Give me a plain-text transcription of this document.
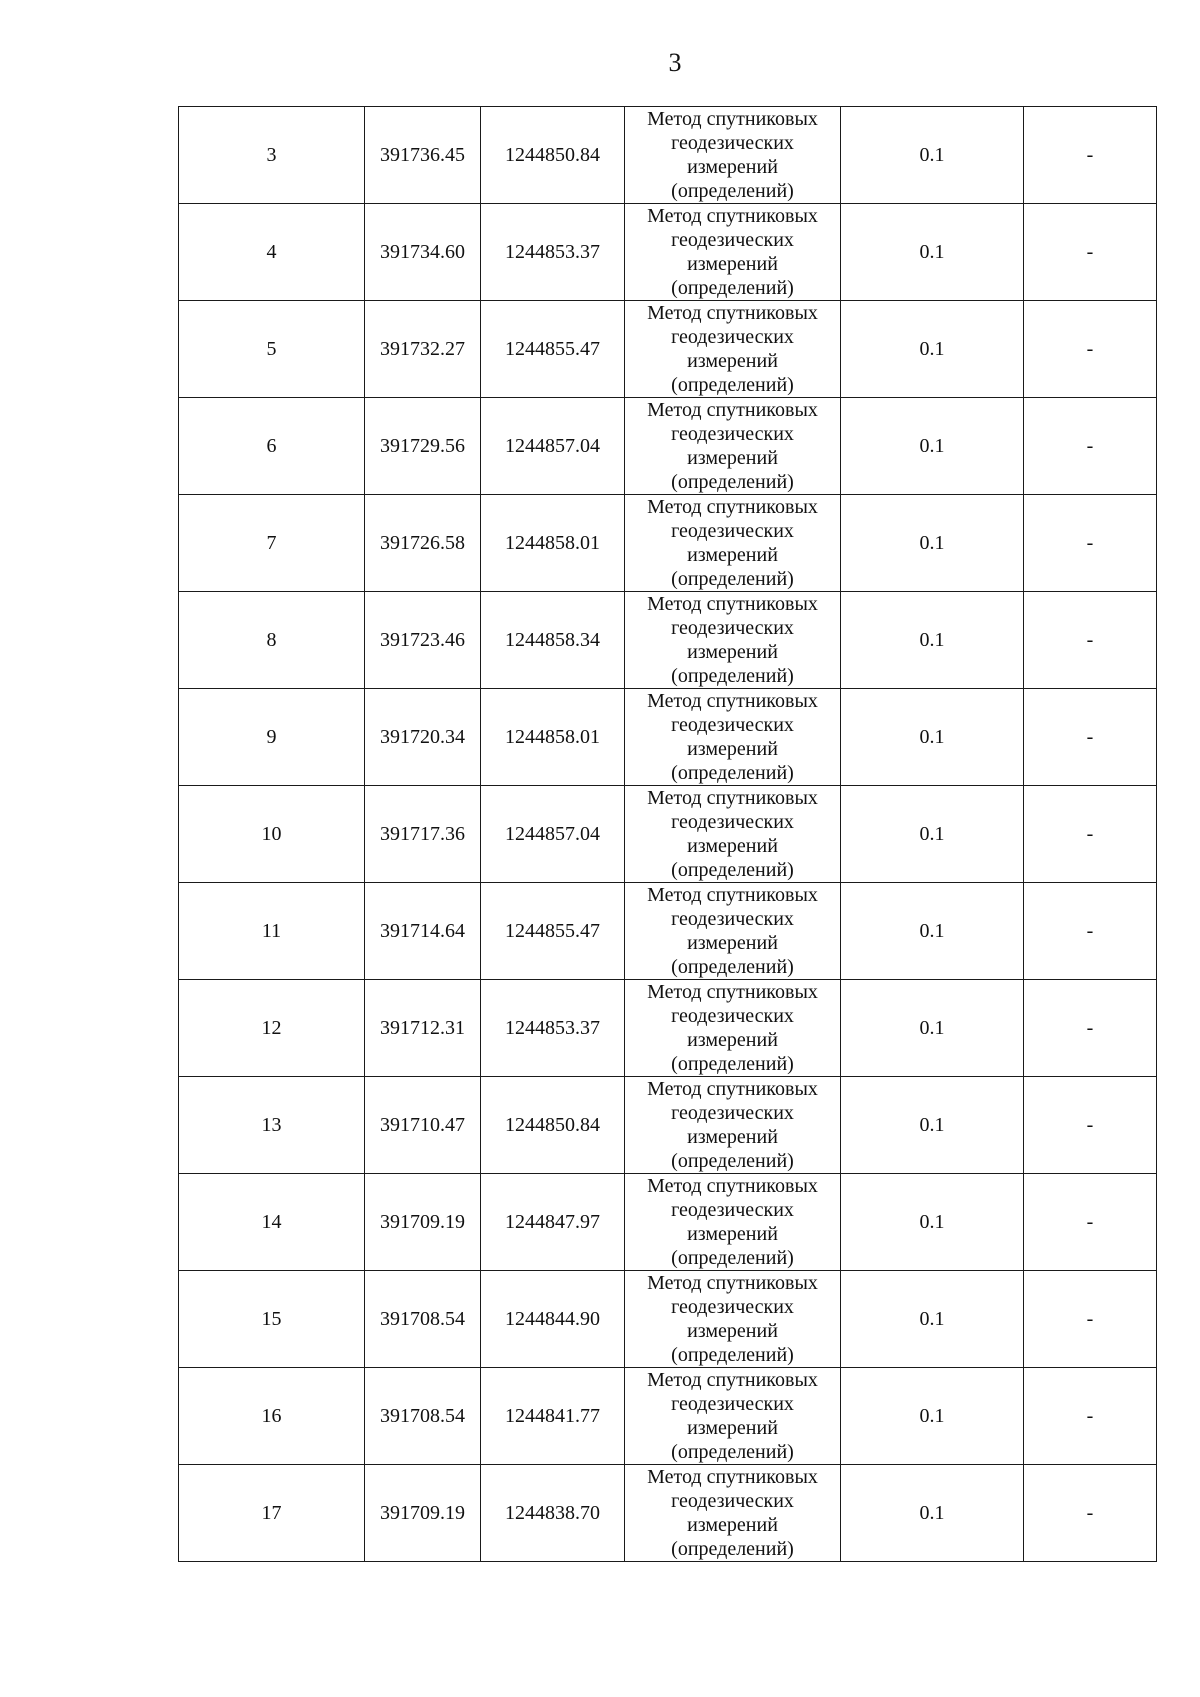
3
3	391736.45	1244850.84	Метод спутниковых геодезических измерений (определений)	0.1	-
4	391734.60	1244853.37	Метод спутниковых геодезических измерений (определений)	0.1	-
5	391732.27	1244855.47	Метод спутниковых геодезических измерений (определений)	0.1	-
6	391729.56	1244857.04	Метод спутниковых геодезических измерений (определений)	0.1	-
7	391726.58	1244858.01	Метод спутниковых геодезических измерений (определений)	0.1	-
8	391723.46	1244858.34	Метод спутниковых геодезических измерений (определений)	0.1	-
9	391720.34	1244858.01	Метод спутниковых геодезических измерений (определений)	0.1	-
10	391717.36	1244857.04	Метод спутниковых геодезических измерений (определений)	0.1	-
11	391714.64	1244855.47	Метод спутниковых геодезических измерений (определений)	0.1	-
12	391712.31	1244853.37	Метод спутниковых геодезических измерений (определений)	0.1	-
13	391710.47	1244850.84	Метод спутниковых геодезических измерений (определений)	0.1	-
14	391709.19	1244847.97	Метод спутниковых геодезических измерений (определений)	0.1	-
15	391708.54	1244844.90	Метод спутниковых геодезических измерений (определений)	0.1	-
16	391708.54	1244841.77	Метод спутниковых геодезических измерений (определений)	0.1	-
17	391709.19	1244838.70	Метод спутниковых геодезических измерений (определений)	0.1	-
